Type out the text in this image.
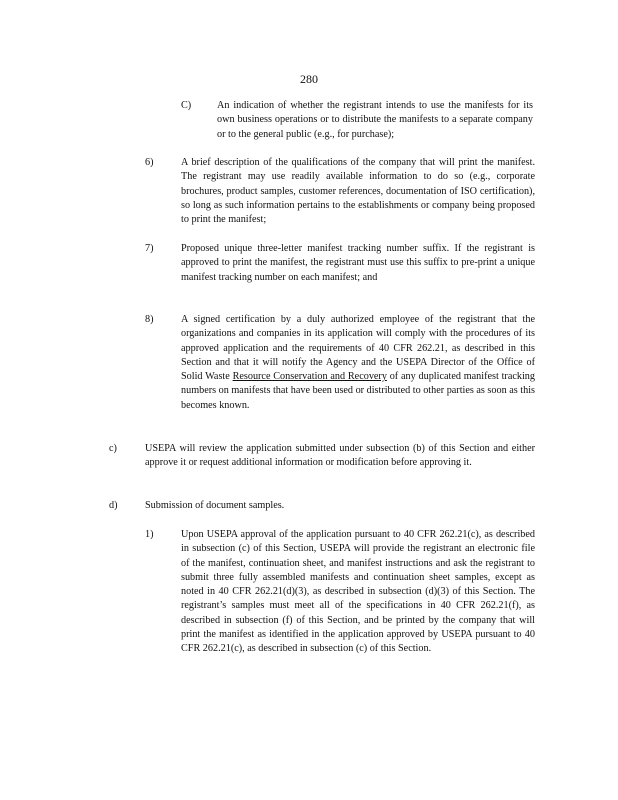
280
C)	An indication of whether the registrant intends to use the manifests for its own business operations or to distribute the manifests to a separate company or to the general public (e.g., for purchase);
6)	A brief description of the qualifications of the company that will print the manifest. The registrant may use readily available information to do so (e.g., corporate brochures, product samples, customer references, documentation of ISO certification), so long as such information pertains to the establishments or company being proposed to print the manifest;
7)	Proposed unique three-letter manifest tracking number suffix. If the registrant is approved to print the manifest, the registrant must use this suffix to pre-print a unique manifest tracking number on each manifest; and
8)	A signed certification by a duly authorized employee of the registrant that the organizations and companies in its application will comply with the procedures of its approved application and the requirements of 40 CFR 262.21, as described in this Section and that it will notify the Agency and the USEPA Director of the Office of Solid Waste Resource Conservation and Recovery of any duplicated manifest tracking numbers on manifests that have been used or distributed to other parties as soon as this becomes known.
c)	USEPA will review the application submitted under subsection (b) of this Section and either approve it or request additional information or modification before approving it.
d)	Submission of document samples.
1)	Upon USEPA approval of the application pursuant to 40 CFR 262.21(c), as described in subsection (c) of this Section, USEPA will provide the registrant an electronic file of the manifest, continuation sheet, and manifest instructions and ask the registrant to submit three fully assembled manifests and continuation sheet samples, except as noted in 40 CFR 262.21(d)(3), as described in subsection (d)(3) of this Section. The registrant’s samples must meet all of the specifications in 40 CFR 262.21(f), as described in subsection (f) of this Section, and be printed by the company that will print the manifest as identified in the application approved by USEPA pursuant to 40 CFR 262.21(c), as described in subsection (c) of this Section.
